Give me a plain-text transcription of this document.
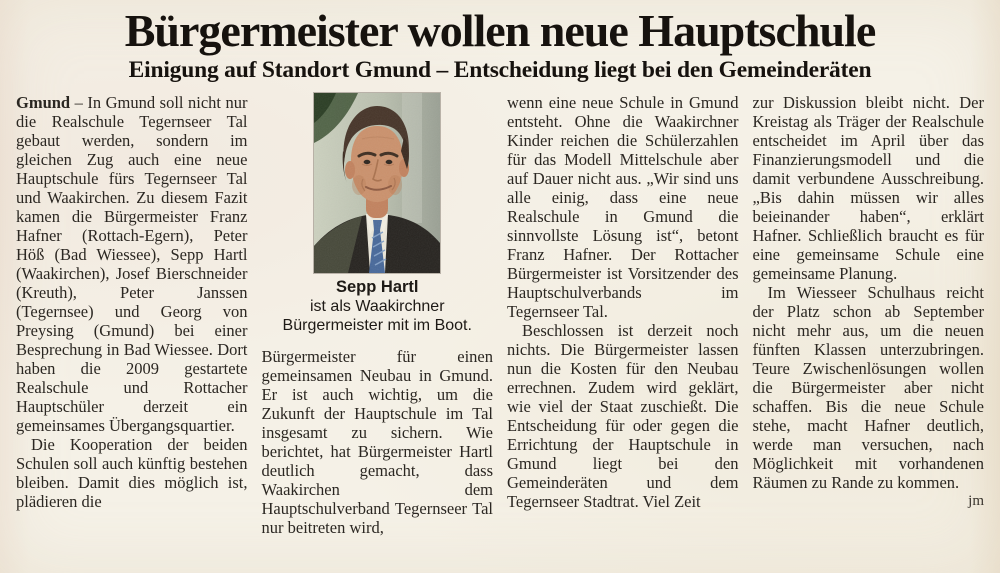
Bürgermeister wollen neue Hauptschule
Einigung auf Standort Gmund – Entscheidung liegt bei den Gemeinderäten

Gmund – In Gmund soll nicht nur die Realschule Tegernseer Tal gebaut werden, sondern im gleichen Zug auch eine neue Hauptschule fürs Tegernseer Tal und Waakirchen. Zu diesem Fazit kamen die Bürgermeister Franz Hafner (Rottach-Egern), Peter Höß (Bad Wiessee), Sepp Hartl (Waakirchen), Josef Bierschneider (Kreuth), Peter Janssen (Tegernsee) und Georg von Preysing (Gmund) bei einer Besprechung in Bad Wiessee. Dort haben die 2009 gestartete Realschule und Rottacher Hauptschüler derzeit ein gemeinsames Übergangsquartier.

Die Kooperation der beiden Schulen soll auch künftig bestehen bleiben. Damit dies möglich ist, plädieren die

Sepp Hartl
ist als Waakirchner Bürgermeister mit im Boot.

Bürgermeister für einen gemeinsamen Neubau in Gmund. Er ist auch wichtig, um die Zukunft der Hauptschule im Tal insgesamt zu sichern. Wie berichtet, hat Bürgermeister Hartl deutlich gemacht, dass Waakirchen dem Hauptschulverband Tegernseer Tal nur beitreten wird,

wenn eine neue Schule in Gmund entsteht. Ohne die Waakirchner Kinder reichen die Schülerzahlen für das Modell Mittelschule aber auf Dauer nicht aus. „Wir sind uns alle einig, dass eine neue Realschule in Gmund die sinnvollste Lösung ist“, betont Franz Hafner. Der Rottacher Bürgermeister ist Vorsitzender des Hauptschulverbands im Tegernseer Tal.

Beschlossen ist derzeit noch nichts. Die Bürgermeister lassen nun die Kosten für den Neubau errechnen. Zudem wird geklärt, wie viel der Staat zuschießt. Die Entscheidung für oder gegen die Errichtung der Hauptschule in Gmund liegt bei den Gemeinderäten und dem Tegernseer Stadtrat. Viel Zeit

zur Diskussion bleibt nicht. Der Kreistag als Träger der Realschule entscheidet im April über das Finanzierungsmodell und die damit verbundene Ausschreibung. „Bis dahin müssen wir alles beieinander haben“, erklärt Hafner. Schließlich braucht es für eine gemeinsame Schule eine gemeinsame Planung.

Im Wiesseer Schulhaus reicht der Platz schon ab September nicht mehr aus, um die neuen fünften Klassen unterzubringen. Teure Zwischenlösungen wollen die Bürgermeister aber nicht schaffen. Bis die neue Schule stehe, macht Hafner deutlich, werde man versuchen, nach Möglichkeit mit vorhandenen Räumen zu Rande zu kommen.
jm
